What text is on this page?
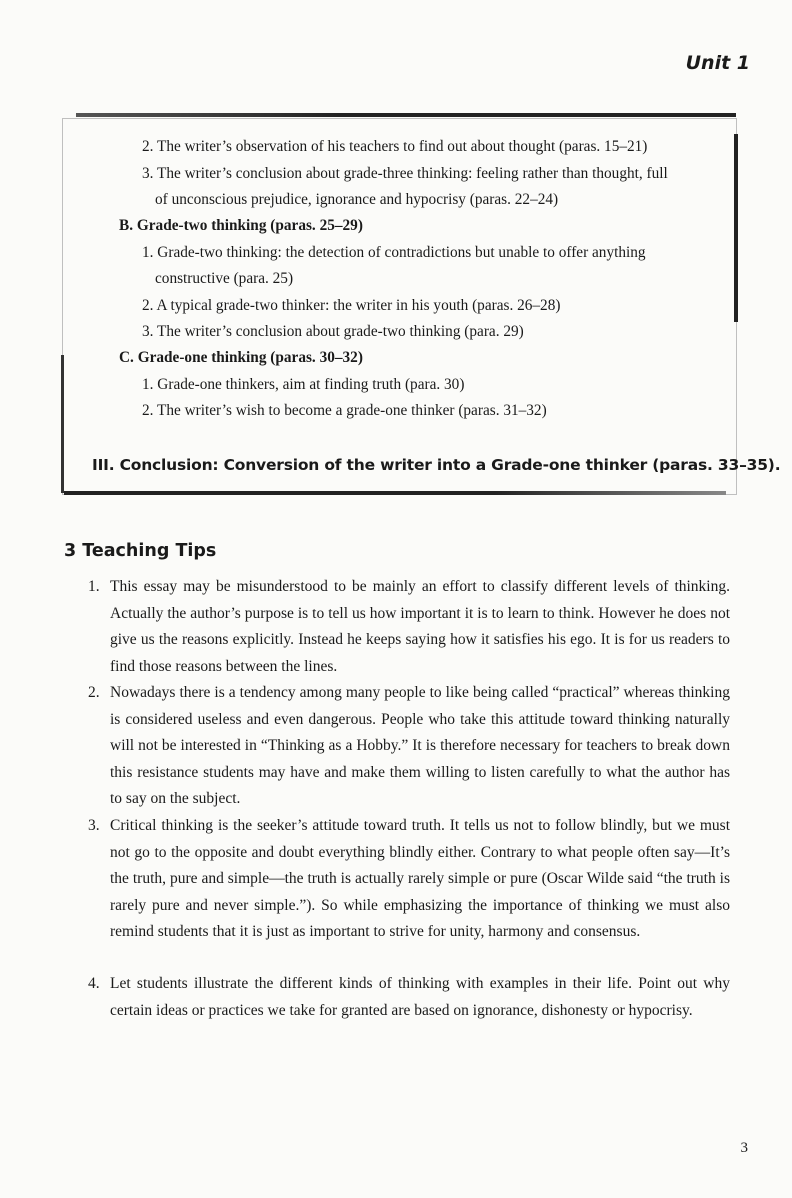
Unit 1
2. The writer’s observation of his teachers to find out about thought (paras. 15–21)
3. The writer’s conclusion about grade-three thinking: feeling rather than thought, full
of unconscious prejudice, ignorance and hypocrisy (paras. 22–24)
B. Grade-two thinking (paras. 25–29)
1. Grade-two thinking: the detection of contradictions but unable to offer anything
constructive (para. 25)
2. A typical grade-two thinker: the writer in his youth (paras. 26–28)
3. The writer’s conclusion about grade-two thinking (para. 29)
C. Grade-one thinking (paras. 30–32)
1. Grade-one thinkers, aim at finding truth (para. 30)
2. The writer’s wish to become a grade-one thinker (paras. 31–32)
III. Conclusion: Conversion of the writer into a Grade-one thinker (paras. 33–35).
3 Teaching Tips
1. This essay may be misunderstood to be mainly an effort to classify different levels of thinking. Actually the author’s purpose is to tell us how important it is to learn to think. However he does not give us the reasons explicitly. Instead he keeps saying how it satisfies his ego. It is for us readers to find those reasons between the lines.
2. Nowadays there is a tendency among many people to like being called “practical” whereas thinking is considered useless and even dangerous. People who take this attitude toward thinking naturally will not be interested in “Thinking as a Hobby.” It is therefore necessary for teachers to break down this resistance students may have and make them willing to listen carefully to what the author has to say on the subject.
3. Critical thinking is the seeker’s attitude toward truth. It tells us not to follow blindly, but we must not go to the opposite and doubt everything blindly either. Contrary to what people often say—It’s the truth, pure and simple—the truth is actually rarely simple or pure (Oscar Wilde said “the truth is rarely pure and never simple.”). So while emphasizing the importance of thinking we must also remind students that it is just as important to strive for unity, harmony and consensus.
4. Let students illustrate the different kinds of thinking with examples in their life. Point out why certain ideas or practices we take for granted are based on ignorance, dishonesty or hypocrisy.
3
